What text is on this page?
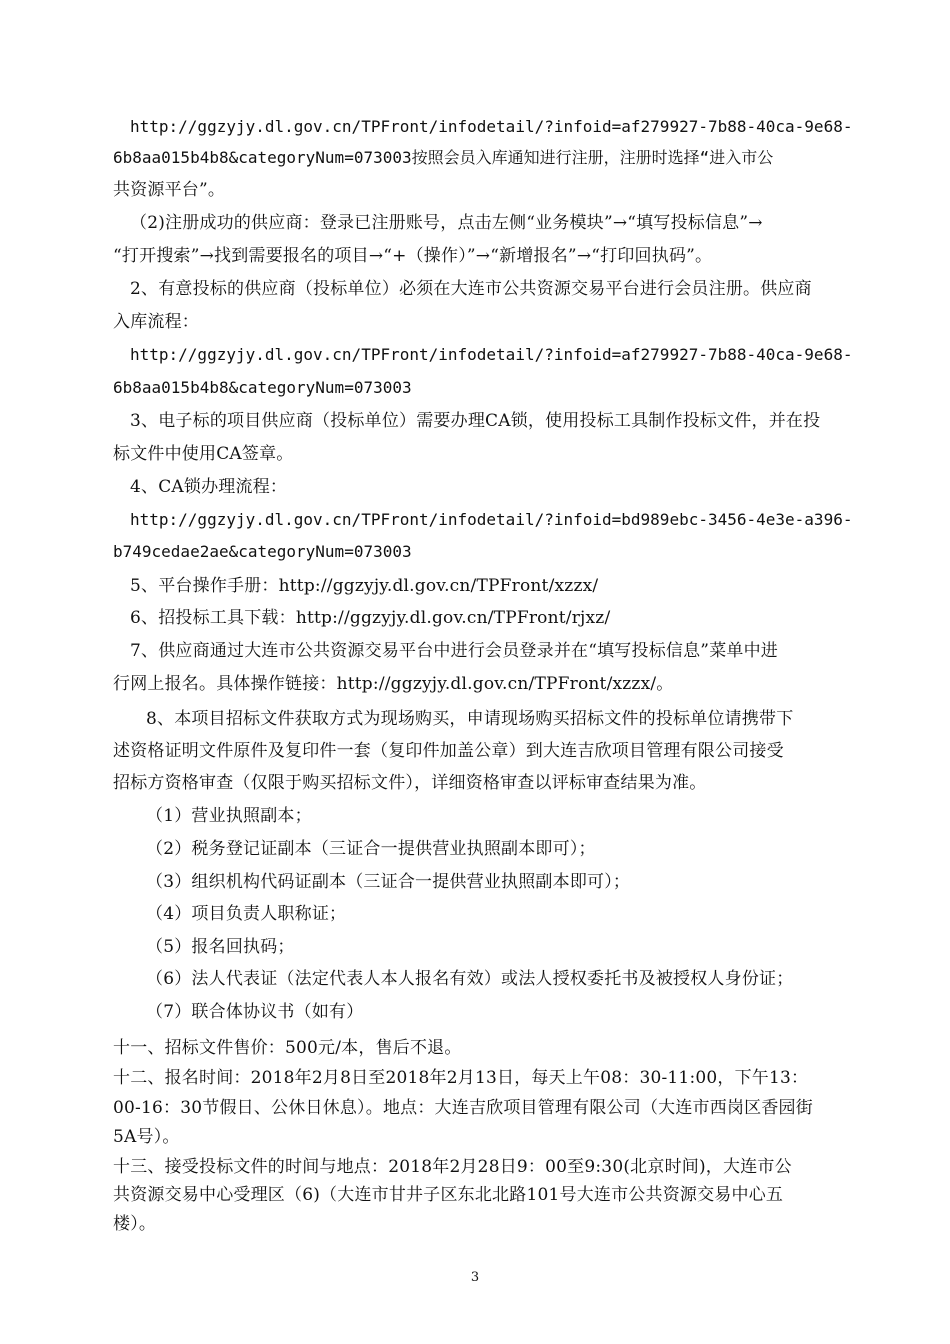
http://ggzyjy.dl.gov.cn/TPFront/infodetail/?infoid=af279927-7b88-40ca-9e68-
6b8aa015b4b8&categoryNum=073003按照会员入库通知进行注册，注册时选择“进入市公
共资源平台”。
（2)注册成功的供应商：登录已注册账号，点击左侧“业务模块”→“填写投标信息”→
“打开搜索”→找到需要报名的项目→“+（操作）”→“新增报名”→“打印回执码”。
2、有意投标的供应商（投标单位）必须在大连市公共资源交易平台进行会员注册。供应商
入库流程：
http://ggzyjy.dl.gov.cn/TPFront/infodetail/?infoid=af279927-7b88-40ca-9e68-
6b8aa015b4b8&categoryNum=073003
3、电子标的项目供应商（投标单位）需要办理CA锁，使用投标工具制作投标文件，并在投
标文件中使用CA签章。
4、CA锁办理流程：
http://ggzyjy.dl.gov.cn/TPFront/infodetail/?infoid=bd989ebc-3456-4e3e-a396-
b749cedae2ae&categoryNum=073003
5、平台操作手册：http://ggzyjy.dl.gov.cn/TPFront/xzzx/
6、招投标工具下载：http://ggzyjy.dl.gov.cn/TPFront/rjxz/
7、供应商通过大连市公共资源交易平台中进行会员登录并在“填写投标信息”菜单中进
行网上报名。具体操作链接：http://ggzyjy.dl.gov.cn/TPFront/xzzx/。
8、本项目招标文件获取方式为现场购买，申请现场购买招标文件的投标单位请携带下
述资格证明文件原件及复印件一套（复印件加盖公章）到大连吉欣项目管理有限公司接受
招标方资格审查（仅限于购买招标文件），详细资格审查以评标审查结果为准。
（1）营业执照副本；
（2）税务登记证副本（三证合一提供营业执照副本即可）；
（3）组织机构代码证副本（三证合一提供营业执照副本即可）；
（4）项目负责人职称证；
（5）报名回执码；
（6）法人代表证（法定代表人本人报名有效）或法人授权委托书及被授权人身份证；
（7）联合体协议书（如有）
十一、招标文件售价：500元/本，售后不退。
十二、报名时间：2018年2月8日至2018年2月13日，每天上午08：30-11:00，下午13：
00-16：30节假日、公休日休息）。地点：大连吉欣项目管理有限公司（大连市西岗区香园街
5A号）。
十三、接受投标文件的时间与地点：2018年2月28日9：00至9:30(北京时间)，大连市公
共资源交易中心受理区（6)（大连市甘井子区东北北路101号大连市公共资源交易中心五
楼）。
3
